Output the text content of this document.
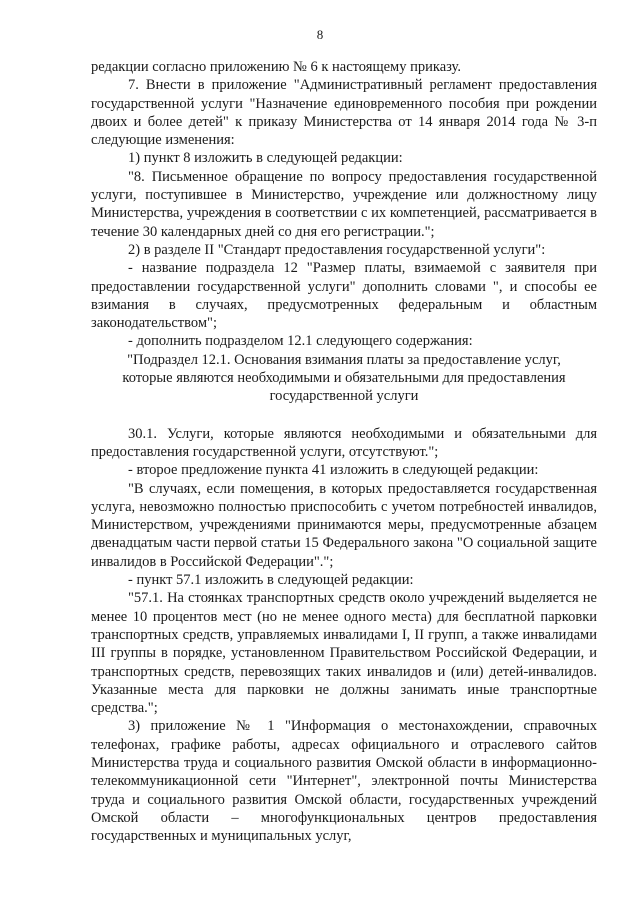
8

редакции согласно приложению № 6 к настоящему приказу.

7. Внести в приложение "Административный регламент предоставления государственной услуги "Назначение единовременного пособия при рождении двоих и более детей" к приказу Министерства от 14 января 2014 года № 3-п следующие изменения:

1) пункт 8 изложить в следующей редакции:

"8. Письменное обращение по вопросу предоставления государственной услуги, поступившее в Министерство, учреждение или должностному лицу Министерства, учреждения в соответствии с их компетенцией, рассматривается в течение 30 календарных дней со дня его регистрации.";

2) в разделе II "Стандарт предоставления государственной услуги":

- название подраздела 12 "Размер платы, взимаемой с заявителя при предоставлении государственной услуги" дополнить словами ", и способы ее взимания в случаях, предусмотренных федеральным и областным законодательством";

- дополнить подразделом 12.1 следующего содержания:

"Подраздел 12.1. Основания взимания платы за предоставление услуг, которые являются необходимыми и обязательными для предоставления государственной услуги

30.1. Услуги, которые являются необходимыми и обязательными для предоставления государственной услуги, отсутствуют.";

- второе предложение пункта 41 изложить в следующей редакции:

"В случаях, если помещения, в которых предоставляется государственная услуга, невозможно полностью приспособить с учетом потребностей инвалидов, Министерством, учреждениями принимаются меры, предусмотренные абзацем двенадцатым части первой статьи 15 Федерального закона "О социальной защите инвалидов в Российской Федерации".";

- пункт 57.1 изложить в следующей редакции:

"57.1. На стоянках транспортных средств около учреждений выделяется не менее 10 процентов мест (но не менее одного места) для бесплатной парковки транспортных средств, управляемых инвалидами I, II групп, а также инвалидами III группы в порядке, установленном Правительством Российской Федерации, и транспортных средств, перевозящих таких инвалидов и (или) детей-инвалидов. Указанные места для парковки не должны занимать иные транспортные средства.";

3) приложение № 1 "Информация о местонахождении, справочных телефонах, графике работы, адресах официального и отраслевого сайтов Министерства труда и социального развития Омской области в информационно-телекоммуникационной сети "Интернет", электронной почты Министерства труда и социального развития Омской области, государственных учреждений Омской области – многофункциональных центров предоставления государственных и муниципальных услуг,
